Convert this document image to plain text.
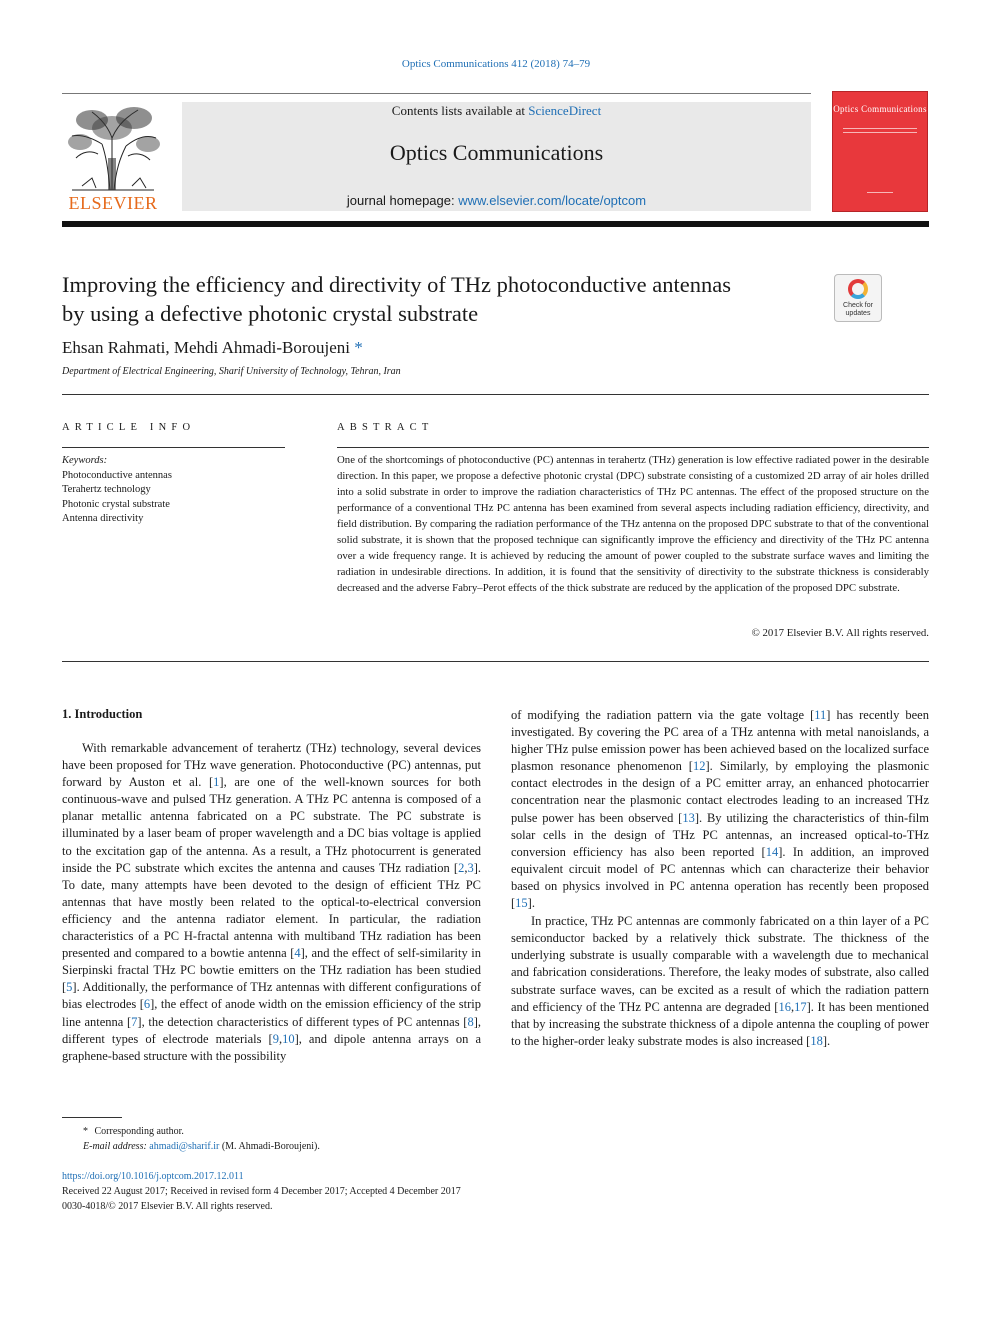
Optics Communications 412 (2018) 74–79
ELSEVIER
Contents lists available at ScienceDirect
Optics Communications
journal homepage: www.elsevier.com/locate/optcom
Optics Communications
Improving the efficiency and directivity of THz photoconductive antennas
by using a defective photonic crystal substrate	Check for updates
Ehsan Rahmati, Mehdi Ahmadi-Boroujeni *
Department of Electrical Engineering, Sharif University of Technology, Tehran, Iran
ARTICLE INFO	ABSTRACT
Keywords:
Photoconductive antennas
Terahertz technology
Photonic crystal substrate
Antenna directivity
One of the shortcomings of photoconductive (PC) antennas in terahertz (THz) generation is low effective radiated power in the desirable direction. In this paper, we propose a defective photonic crystal (DPC) substrate consisting of a customized 2D array of air holes drilled into a solid substrate in order to improve the radiation characteristics of THz PC antennas. The effect of the proposed structure on the performance of a conventional THz PC antenna has been examined from several aspects including radiation efficiency, directivity, and field distribution. By comparing the radiation performance of the THz antenna on the proposed DPC substrate to that of the conventional solid substrate, it is shown that the proposed technique can significantly improve the efficiency and directivity of the THz PC antenna over a wide frequency range. It is achieved by reducing the amount of power coupled to the substrate surface waves and limiting the radiation in undesirable directions. In addition, it is found that the sensitivity of directivity to the substrate thickness is considerably decreased and the adverse Fabry–Perot effects of the thick substrate are reduced by the application of the proposed DPC substrate.
© 2017 Elsevier B.V. All rights reserved.
1. Introduction

With remarkable advancement of terahertz (THz) technology, several devices have been proposed for THz wave generation. Photoconductive (PC) antennas, put forward by Auston et al. [1], are one of the well-known sources for both continuous-wave and pulsed THz generation. A THz PC antenna is composed of a planar metallic antenna fabricated on a PC substrate. The PC substrate is illuminated by a laser beam of proper wavelength and a DC bias voltage is applied to the excitation gap of the antenna. As a result, a THz photocurrent is generated inside the PC substrate which excites the antenna and causes THz radiation [2,3]. To date, many attempts have been devoted to the design of efficient THz PC antennas that have mostly been related to the optical-to-electrical conversion efficiency and the antenna radiator element. In particular, the radiation characteristics of a PC H-fractal antenna with multiband THz radiation has been presented and compared to a bowtie antenna [4], and the effect of self-similarity in Sierpinski fractal THz PC bowtie emitters on the THz radiation has been studied [5]. Additionally, the performance of THz antennas with different configurations of bias electrodes [6], the effect of anode width on the emission efficiency of the strip line antenna [7], the detection characteristics of different types of PC antennas [8], different types of electrode materials [9,10], and dipole antenna arrays on a graphene-based structure with the possibility

of modifying the radiation pattern via the gate voltage [11] has recently been investigated. By covering the PC area of a THz antenna with metal nanoislands, a higher THz pulse emission power has been achieved based on the localized surface plasmon resonance phenomenon [12]. Similarly, by employing the plasmonic contact electrodes in the design of a PC emitter array, an enhanced photocarrier concentration near the plasmonic contact electrodes leading to an increased THz pulse power has been observed [13]. By utilizing the characteristics of thin-film solar cells in the design of THz PC antennas, an increased optical-to-THz conversion efficiency has also been reported [14]. In addition, an improved equivalent circuit model of PC antennas which can characterize their behavior based on physics involved in PC antenna operation has recently been proposed [15].

In practice, THz PC antennas are commonly fabricated on a thin layer of a PC semiconductor backed by a relatively thick substrate. The thickness of the underlying substrate is usually comparable with a wavelength due to mechanical and fabrication considerations. Therefore, the leaky modes of substrate, also called substrate surface waves, can be excited as a result of which the radiation pattern and efficiency of the THz PC antenna are degraded [16,17]. It has been mentioned that by increasing the substrate thickness of a dipole antenna the coupling of power to the higher-order leaky substrate modes is also increased [18].

* Corresponding author.
E-mail address: ahmadi@sharif.ir (M. Ahmadi-Boroujeni).
https://doi.org/10.1016/j.optcom.2017.12.011
Received 22 August 2017; Received in revised form 4 December 2017; Accepted 4 December 2017
0030-4018/© 2017 Elsevier B.V. All rights reserved.
